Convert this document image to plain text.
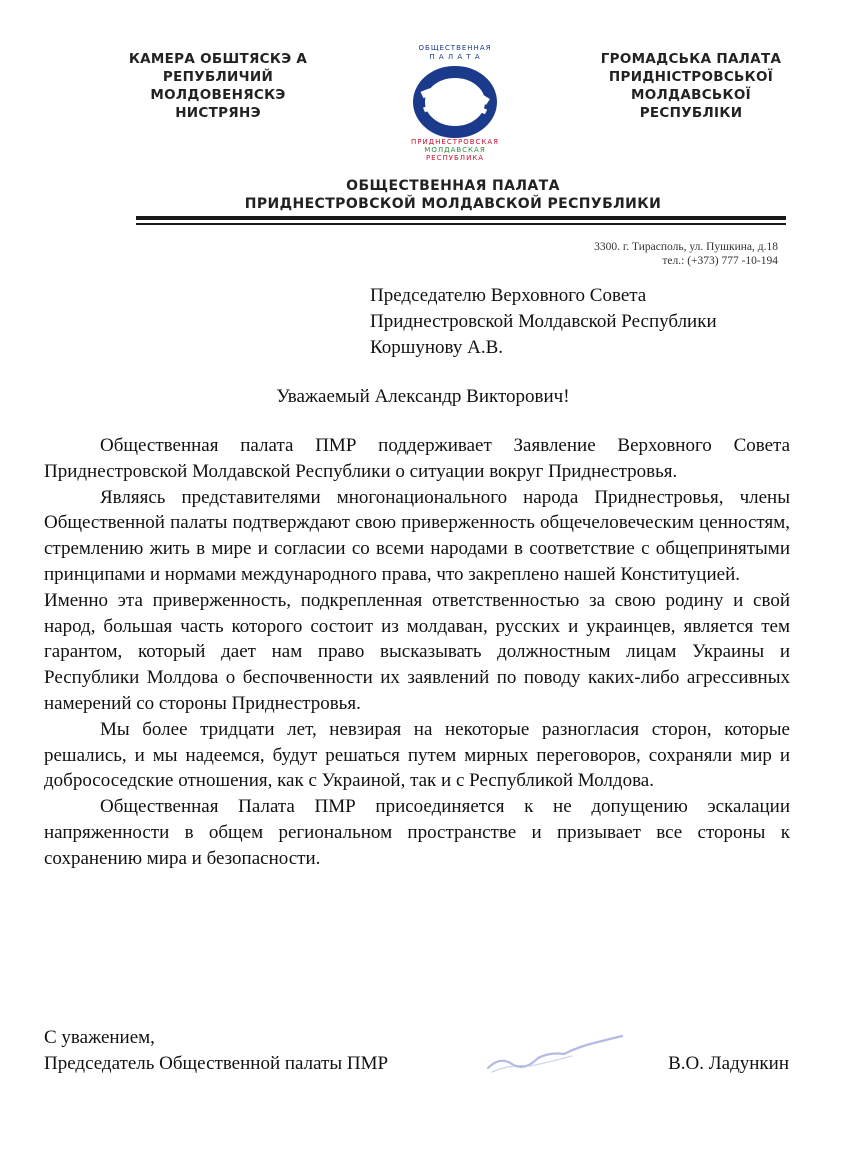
КАМЕРА ОБШТЯСКЭ А
РЕПУБЛИЧИЙ
МОЛДОВЕНЯСКЭ
НИСТРЯНЭ
ОБЩЕСТВЕННАЯ
П А Л А Т А
ПРИДНЕСТРОВСКАЯ
МОЛДАВСКАЯ
РЕСПУБЛИКА
ГРОМАДСЬКА ПАЛАТА
ПРИДНІСТРОВСЬКОЇ
МОЛДАВСЬКОЇ
РЕСПУБЛІКИ
ОБЩЕСТВЕННАЯ ПАЛАТА
ПРИДНЕСТРОВСКОЙ МОЛДАВСКОЙ РЕСПУБЛИКИ
3300. г. Тирасполь, ул. Пушкина, д.18
тел.: (+373) 777 -10-194
Председателю Верховного Совета
Приднестровской Молдавской Республики
Коршунову А.В.
Уважаемый Александр Викторович!

Общественная палата ПМР поддерживает Заявление Верховного Совета Приднестровской Молдавской Республики о ситуации вокруг Приднестровья.

Являясь представителями многонационального народа Приднестровья, члены Общественной палаты подтверждают свою приверженность общечеловеческим ценностям, стремлению жить в мире и согласии со всеми народами в соответствие с общепринятыми принципами и нормами международного права, что закреплено нашей Конституцией.

Именно эта приверженность, подкрепленная ответственностью за свою родину и свой народ, большая часть которого состоит из молдаван, русских и украинцев, является тем гарантом, который дает нам право высказывать должностным лицам Украины и Республики Молдова о беспочвенности их заявлений по поводу каких-либо агрессивных намерений со стороны Приднестровья.

Мы более тридцати лет, невзирая на некоторые разногласия сторон, которые решались, и мы надеемся, будут решаться путем мирных переговоров, сохраняли мир и добрососедские отношения, как с Украиной, так и с Республикой Молдова.

Общественная Палата ПМР присоединяется к не допущению эскалации напряженности в общем региональном пространстве и призывает все стороны к сохранению мира и безопасности.

С уважением,
Председатель Общественной палаты ПМР	В.О. Ладункин
